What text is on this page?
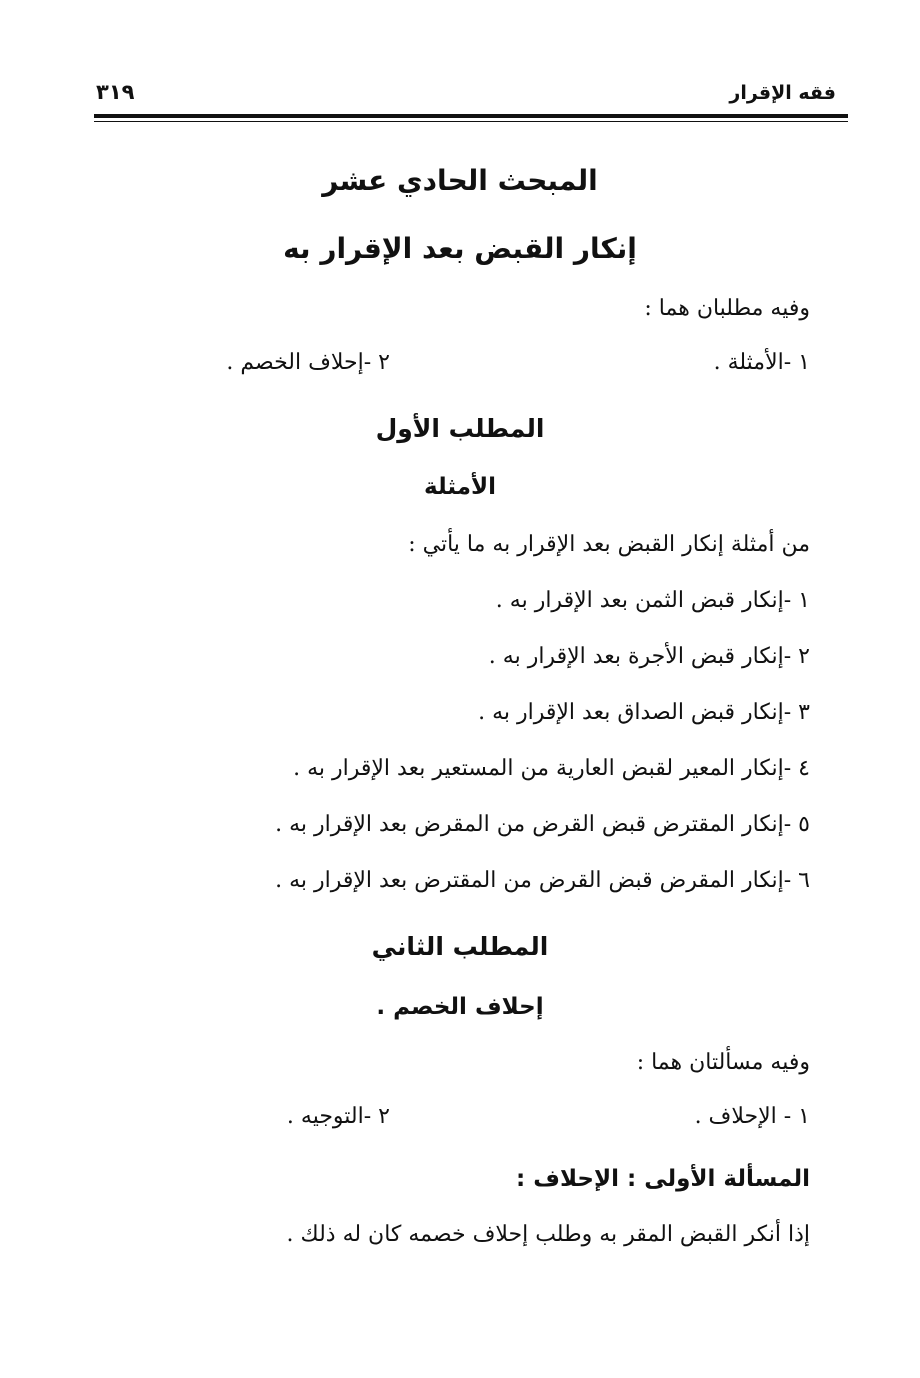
فقه الإقرار
٣١٩
المبحث الحادي عشر
إنكار القبض بعد الإقرار به
وفيه مطلبان هما :
١ -الأمثلة .
٢ -إحلاف الخصم .
المطلب الأول
الأمثلة
من أمثلة إنكار القبض بعد الإقرار به ما يأتي :
١ -إنكار قبض الثمن بعد الإقرار به .
٢ -إنكار قبض الأجرة بعد الإقرار به .
٣ -إنكار قبض الصداق بعد الإقرار به .
٤ -إنكار المعير لقبض العارية من المستعير بعد الإقرار به .
٥ -إنكار المقترض قبض القرض من المقرض بعد الإقرار به .
٦ -إنكار المقرض قبض القرض من المقترض بعد الإقرار به .
المطلب الثاني
إحلاف الخصم .
وفيه مسألتان هما :
١ - الإحلاف .
٢ -التوجيه .
المسألة الأولى : الإحلاف :
إذا أنكر القبض المقر به وطلب إحلاف خصمه كان له ذلك .
